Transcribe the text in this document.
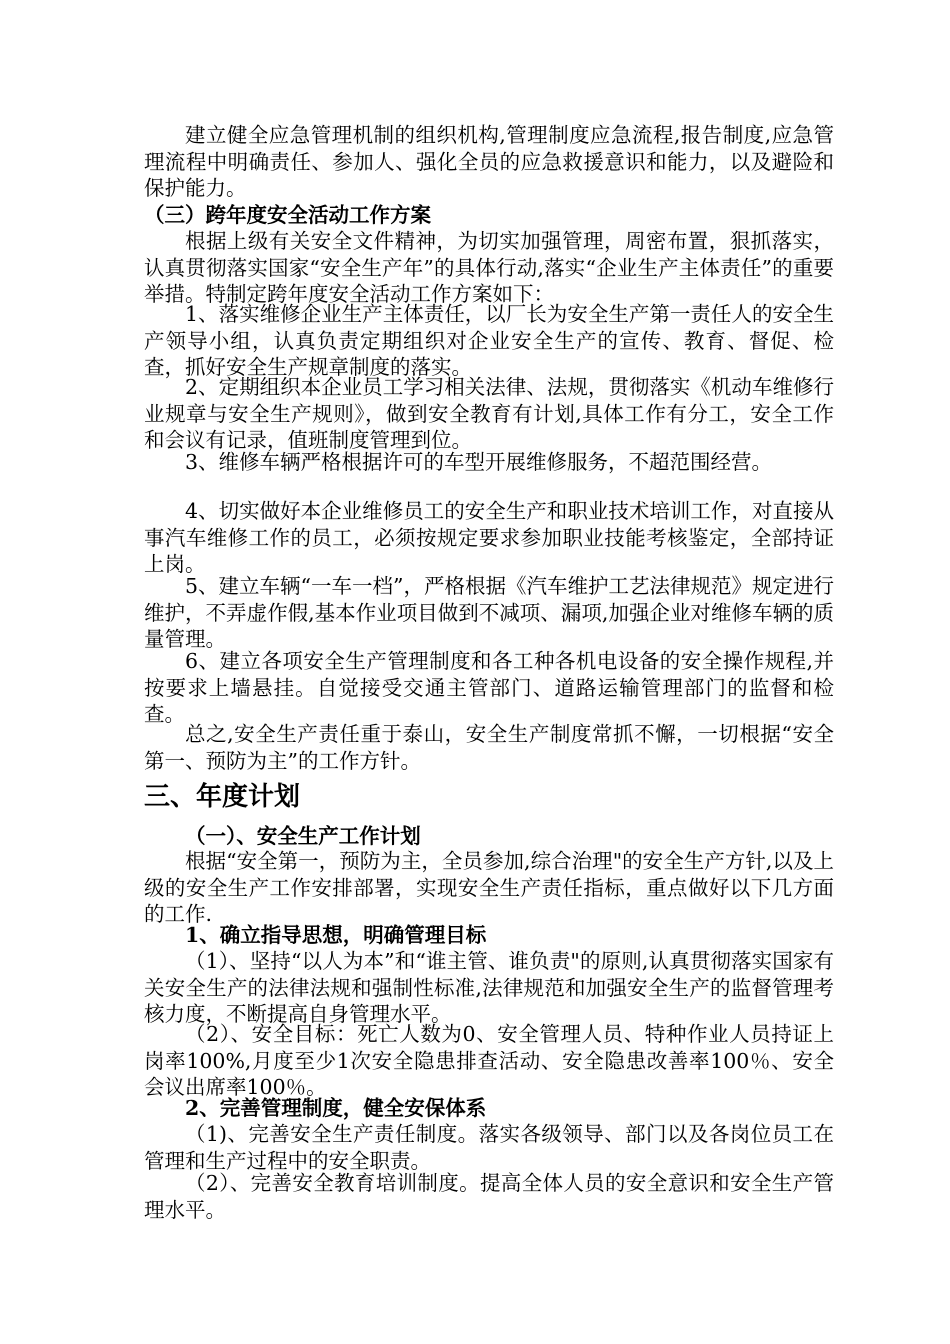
建立健全应急管理机制的组织机构,管理制度应急流程,报告制度,应急管理流程中明确责任、参加人、强化全员的应急救援意识和能力，以及避险和保护能力。
（三）跨年度安全活动工作方案
根据上级有关安全文件精神，为切实加强管理，周密布置，狠抓落实，认真贯彻落实国家“安全生产年”的具体行动,落实“企业生产主体责任”的重要举措。特制定跨年度安全活动工作方案如下：
1、落实维修企业生产主体责任，以厂长为安全生产第一责任人的安全生产领导小组，认真负责定期组织对企业安全生产的宣传、教育、督促、检查，抓好安全生产规章制度的落实。
2、定期组织本企业员工学习相关法律、法规，贯彻落实《机动车维修行业规章与安全生产规则》，做到安全教育有计划,具体工作有分工，安全工作和会议有记录，值班制度管理到位。
3、维修车辆严格根据许可的车型开展维修服务，不超范围经营。
4、切实做好本企业维修员工的安全生产和职业技术培训工作，对直接从事汽车维修工作的员工，必须按规定要求参加职业技能考核鉴定，全部持证上岗。
5、建立车辆“一车一档”，严格根据《汽车维护工艺法律规范》规定进行维护，不弄虚作假,基本作业项目做到不减项、漏项,加强企业对维修车辆的质量管理。
6、建立各项安全生产管理制度和各工种各机电设备的安全操作规程,并按要求上墙悬挂。自觉接受交通主管部门、道路运输管理部门的监督和检查。
总之,安全生产责任重于泰山，安全生产制度常抓不懈，一切根据“安全第一、预防为主”的工作方针。
三、年度计划
（一）、安全生产工作计划
根据“安全第一，预防为主，全员参加,综合治理"的安全生产方针,以及上级的安全生产工作安排部署，实现安全生产责任指标，重点做好以下几方面的工作.
1、确立指导思想，明确管理目标
（1）、坚持“以人为本”和“谁主管、谁负责"的原则,认真贯彻落实国家有关安全生产的法律法规和强制性标准,法律规范和加强安全生产的监督管理考核力度，不断提高自身管理水平。
（2）、安全目标：死亡人数为0、安全管理人员、特种作业人员持证上岗率100%,月度至少1次安全隐患排查活动、安全隐患改善率100％、安全会议出席率100％。
2、完善管理制度，健全安保体系
（1)、完善安全生产责任制度。落实各级领导、部门以及各岗位员工在管理和生产过程中的安全职责。
（2）、完善安全教育培训制度。提高全体人员的安全意识和安全生产管理水平。
